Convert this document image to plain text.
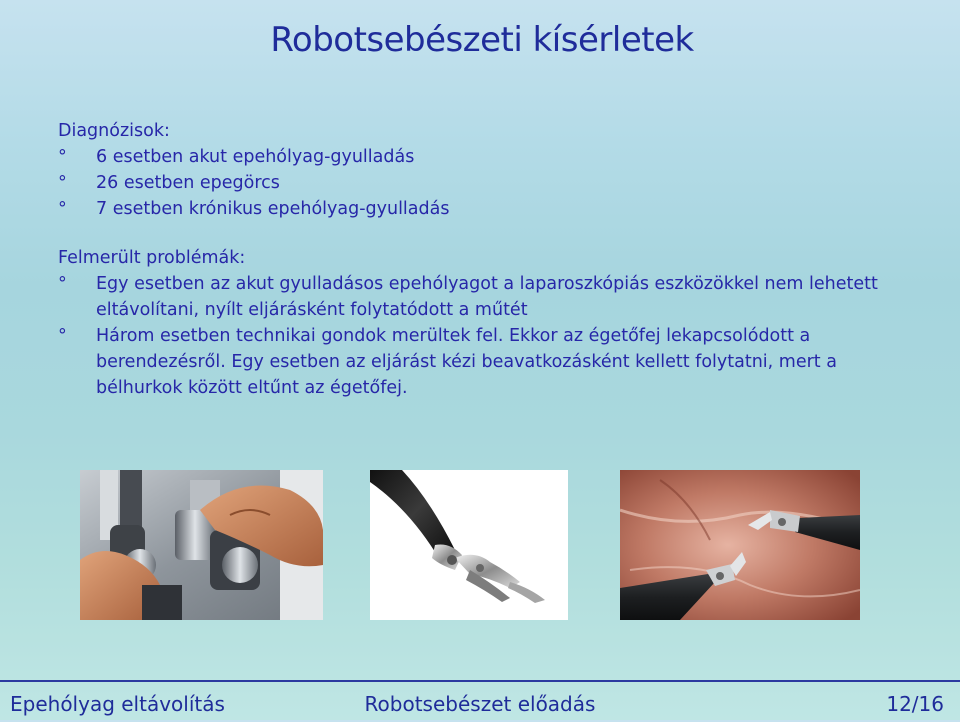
Robotsebészeti kísérletek
Diagnózisok:
° 6 esetben akut epehólyag-gyulladás
° 26 esetben epegörcs
° 7 esetben krónikus epehólyag-gyulladás
Felmerült problémák:
° Egy esetben az akut gyulladásos epehólyagot a laparoszkópiás eszközökkel nem lehetett eltávolítani, nyílt eljárásként folytatódott a műtét
° Három esetben technikai gondok merültek fel. Ekkor az égetőfej lekapcsolódott a berendezésről. Egy esetben az eljárást kézi beavatkozásként kellett folytatni, mert a bélhurkok között eltűnt az égetőfej.
Epehólyag eltávolítás	Robotsebészet előadás	12/16
